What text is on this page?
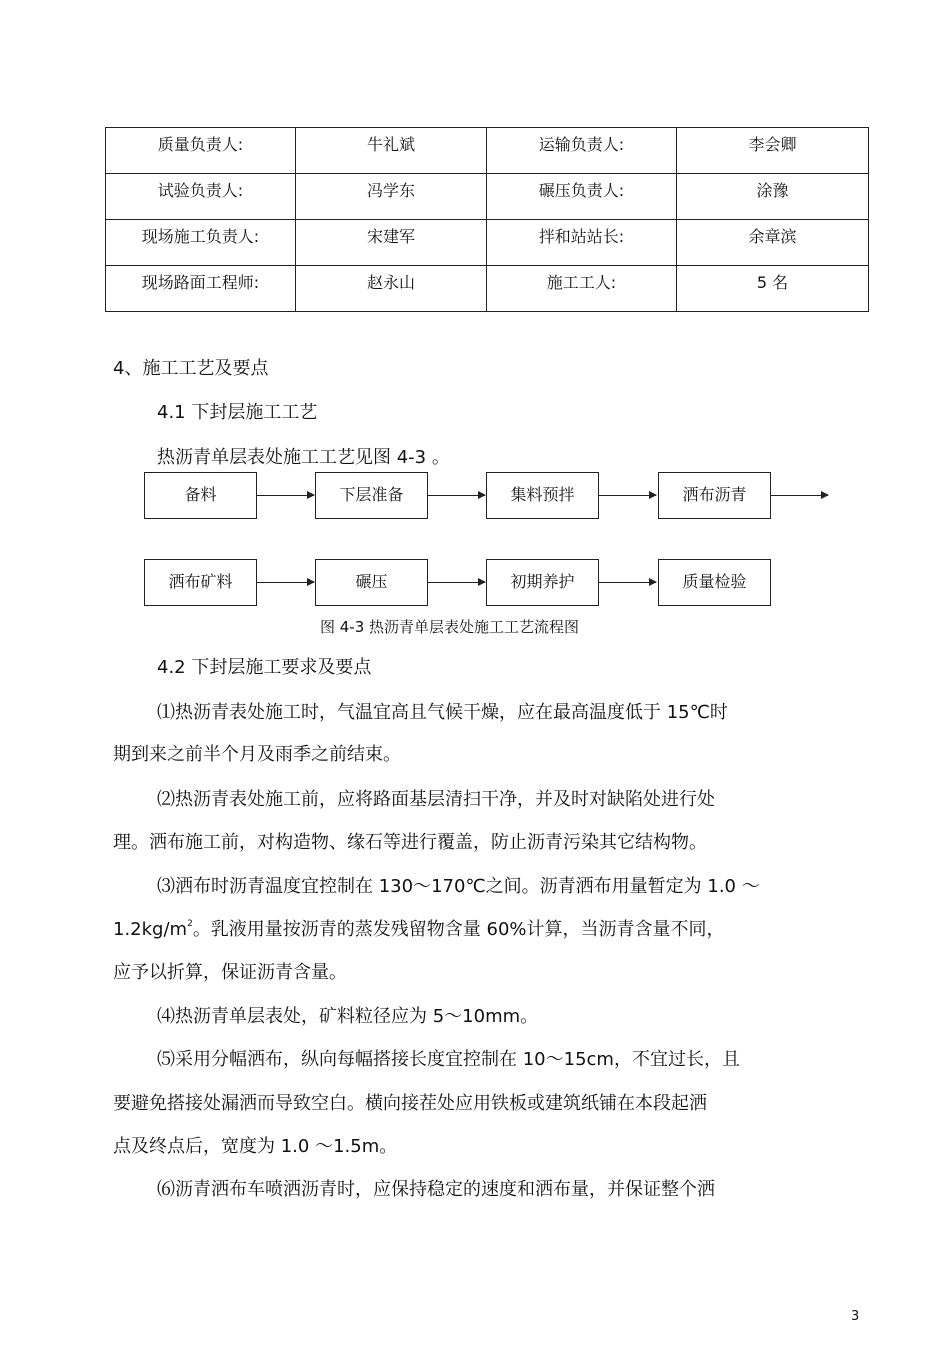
质量负责人:	牛礼斌	运输负责人:	李会卿
试验负责人:	冯学东	碾压负责人:	涂豫
现场施工负责人:	宋建军	拌和站站长:	余章滨
现场路面工程师:	赵永山	施工工人:	5 名
4、施工工艺及要点
4.1 下封层施工工艺
热沥青单层表处施工工艺见图 4-3 。
备料	下层准备	集料预拌	洒布沥青
洒布矿料	碾压	初期养护	质量检验
图 4-3 热沥青单层表处施工工艺流程图
4.2 下封层施工要求及要点
⑴热沥青表处施工时，气温宜高且气候干燥，应在最高温度低于 15℃时
期到来之前半个月及雨季之前结束。
⑵热沥青表处施工前，应将路面基层清扫干净，并及时对缺陷处进行处
理。洒布施工前，对构造物、缘石等进行覆盖，防止沥青污染其它结构物。
⑶洒布时沥青温度宜控制在 130～170℃之间。沥青洒布用量暂定为 1.0 ～
$1.2kg/m^2$。乳液用量按沥青的蒸发残留物含量 60%计算，当沥青含量不同，
应予以折算，保证沥青含量。
⑷热沥青单层表处，矿料粒径应为 5～10mm。
⑸采用分幅洒布，纵向每幅搭接长度宜控制在 10～15cm，不宜过长，且
要避免搭接处漏洒而导致空白。横向接茬处应用铁板或建筑纸铺在本段起洒
点及终点后，宽度为 1.0 ～1.5m。
⑹沥青洒布车喷洒沥青时，应保持稳定的速度和洒布量，并保证整个洒
3
